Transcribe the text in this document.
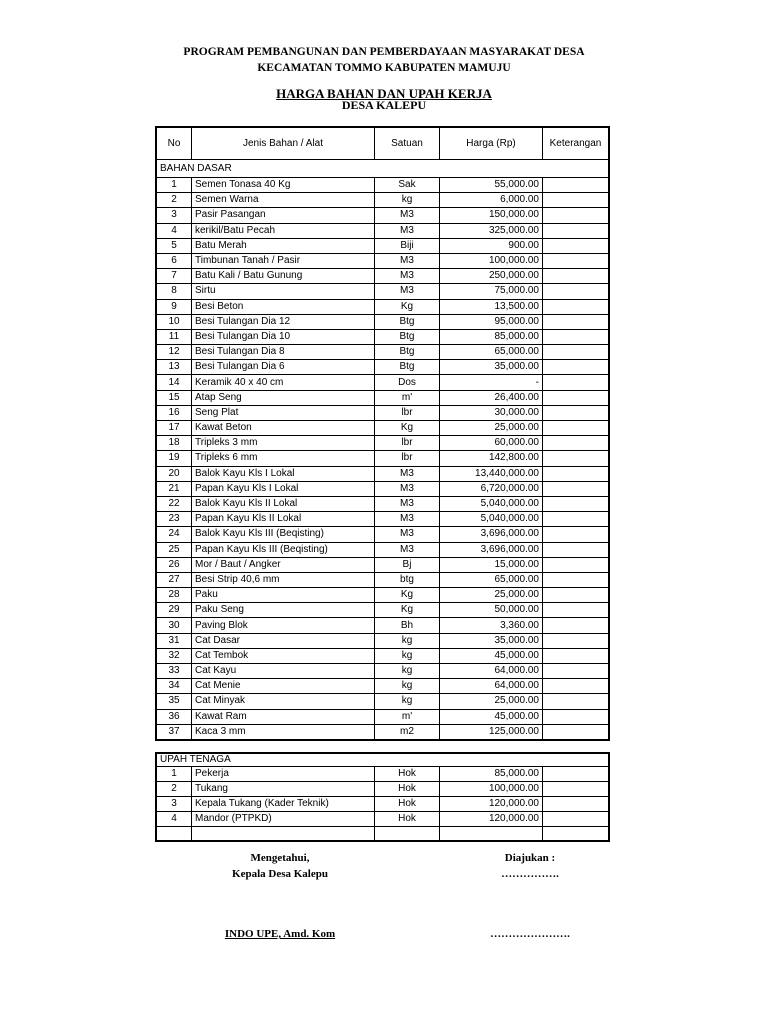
PROGRAM PEMBANGUNAN DAN PEMBERDAYAAN MASYARAKAT DESA
KECAMATAN TOMMO KABUPATEN MAMUJU
HARGA BAHAN DAN UPAH KERJA
DESA KALEPU
No	Jenis Bahan / Alat	Satuan	Harga (Rp)	Keterangan
BAHAN DASAR				
1	Semen Tonasa 40 Kg	Sak	55,000.00	
2	Semen Warna	kg	6,000.00	
3	Pasir Pasangan	M3	150,000.00	
4	kerikil/Batu Pecah	M3	325,000.00	
5	Batu Merah	Biji	900.00	
6	Timbunan Tanah / Pasir	M3	100,000.00	
7	Batu Kali / Batu Gunung	M3	250,000.00	
8	Sirtu	M3	75,000.00	
9	Besi Beton	Kg	13,500.00	
10	Besi Tulangan Dia 12	Btg	95,000.00	
11	Besi Tulangan Dia 10	Btg	85,000.00	
12	Besi Tulangan Dia 8	Btg	65,000.00	
13	Besi Tulangan Dia 6	Btg	35,000.00	
14	Keramik 40 x 40 cm	Dos	-	
15	Atap Seng	m'	26,400.00	
16	Seng Plat	lbr	30,000.00	
17	Kawat Beton	Kg	25,000.00	
18	Tripleks 3 mm	lbr	60,000.00	
19	Tripleks 6 mm	lbr	142,800.00	
20	Balok Kayu Kls I Lokal	M3	13,440,000.00	
21	Papan Kayu Kls I Lokal	M3	6,720,000.00	
22	Balok Kayu Kls II Lokal	M3	5,040,000.00	
23	Papan Kayu Kls II Lokal	M3	5,040,000.00	
24	Balok Kayu Kls III (Beqisting)	M3	3,696,000.00	
25	Papan Kayu Kls III (Beqisting)	M3	3,696,000.00	
26	Mor / Baut / Angker	Bj	15,000.00	
27	Besi Strip 40,6 mm	btg	65,000.00	
28	Paku	Kg	25,000.00	
29	Paku Seng	Kg	50,000.00	
30	Paving Blok	Bh	3,360.00	
31	Cat Dasar	kg	35,000.00	
32	Cat Tembok	kg	45,000.00	
33	Cat Kayu	kg	64,000.00	
34	Cat Menie	kg	64,000.00	
35	Cat Minyak	kg	25,000.00	
36	Kawat Ram	m'	45,000.00	
37	Kaca 3 mm	m2	125,000.00	
UPAH TENAGA				
1	Pekerja	Hok	85,000.00	
2	Tukang	Hok	100,000.00	
3	Kepala Tukang (Kader Teknik)	Hok	120,000.00	
4	Mandor (PTPKD)	Hok	120,000.00	

Mengetahui,
Kepala Desa Kalepu
INDO UPE, Amd. Kom
Diajukan :
…………….
………………….
